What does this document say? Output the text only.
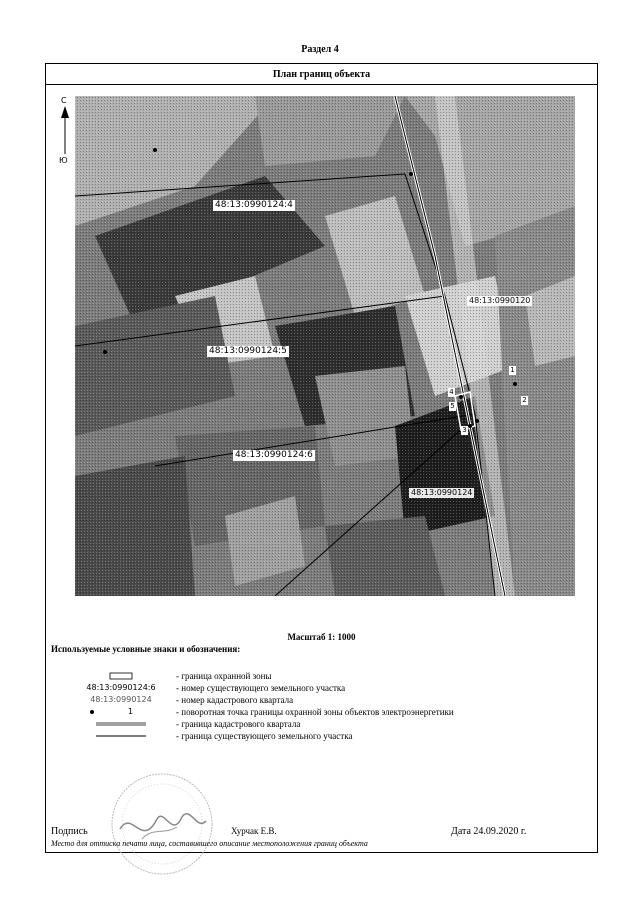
Раздел 4
План границ объекта
С
Ю
48:13:0990124:4
48:13:0990124:5
48:13:0990124:6
48:13:0990120
48:13:0990124
1
2
3
4
5
Масштаб 1: 1000
Используемые условные знаки и обозначения:
- граница охранной зоны
48:13:0990124:6	- номер существующего земельного участка
48:13:0990124	- номер кадастрового квартала
1	- поворотная точка границы охранной зоны объектов электроэнергетики
- граница кадастрового квартала
- граница существующего земельного участка
Подпись	Хурчак Е.В.	Дата 24.09.2020 г.
Место для оттиска печати лица, составившего описание местоположения границ объекта
